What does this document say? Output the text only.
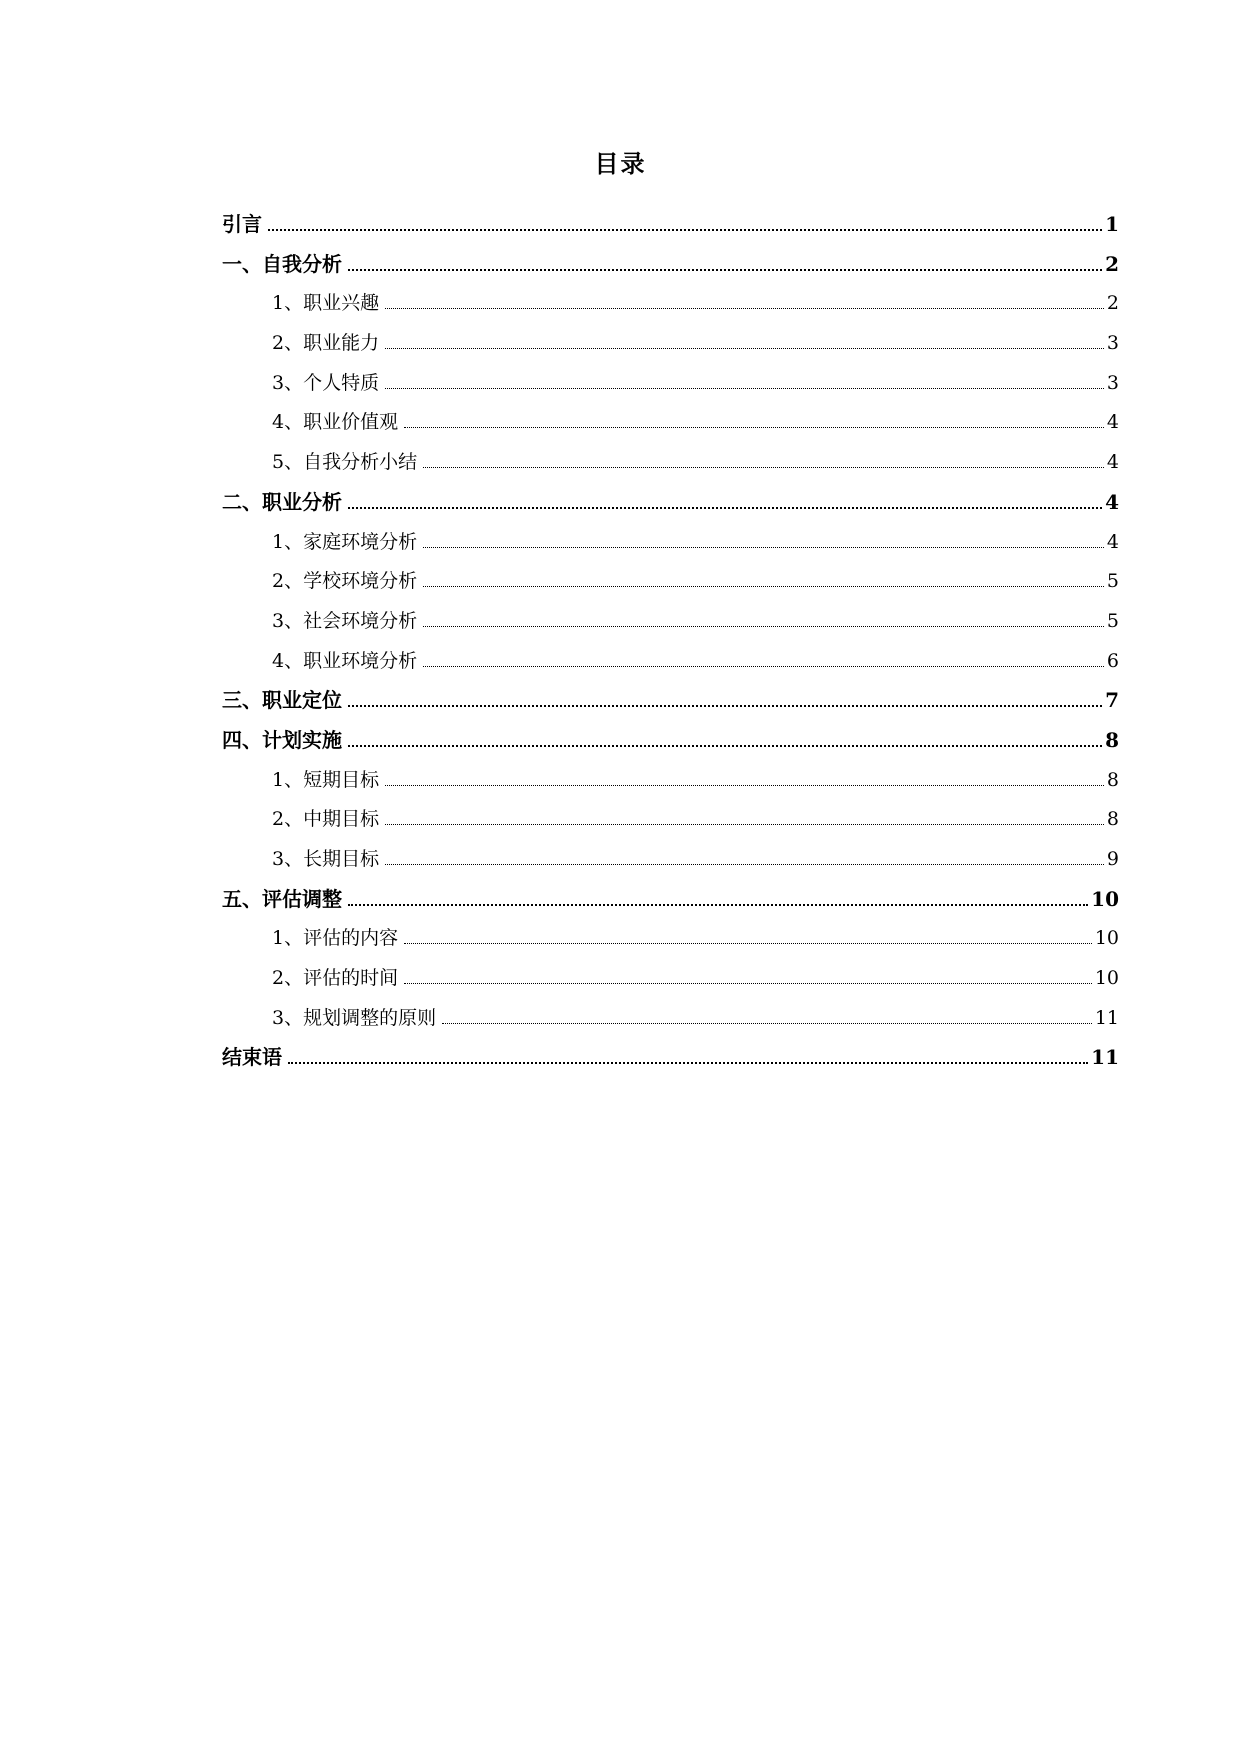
目录
引言	1
一、自我分析	2
1、职业兴趣	2
2、职业能力	3
3、个人特质	3
4、职业价值观	4
5、自我分析小结	4
二、职业分析	4
1、家庭环境分析	4
2、学校环境分析	5
3、社会环境分析	5
4、职业环境分析	6
三、职业定位	7
四、计划实施	8
1、短期目标	8
2、中期目标	8
3、长期目标	9
五、评估调整	10
1、评估的内容	10
2、评估的时间	10
3、规划调整的原则	11
结束语	11
